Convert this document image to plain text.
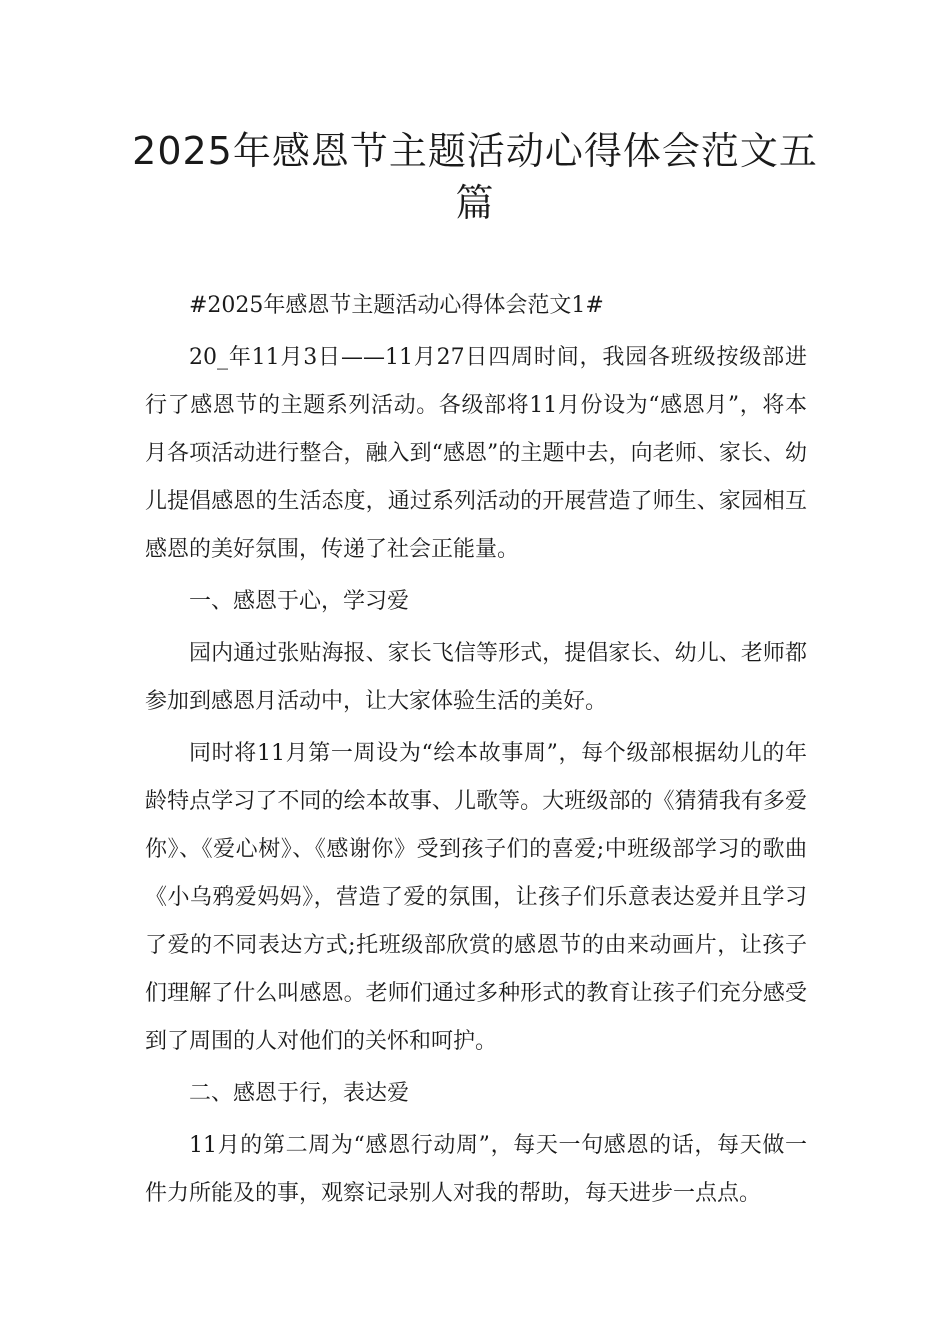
2025年感恩节主题活动心得体会范文五篇

#2025年感恩节主题活动心得体会范文1#

20_年11月3日——11月27日四周时间，我园各班级按级部进行了感恩节的主题系列活动。各级部将11月份设为“感恩月”，将本月各项活动进行整合，融入到“感恩”的主题中去，向老师、家长、幼儿提倡感恩的生活态度，通过系列活动的开展营造了师生、家园相互感恩的美好氛围，传递了社会正能量。

一、感恩于心，学习爱

园内通过张贴海报、家长飞信等形式，提倡家长、幼儿、老师都参加到感恩月活动中，让大家体验生活的美好。

同时将11月第一周设为“绘本故事周”，每个级部根据幼儿的年龄特点学习了不同的绘本故事、儿歌等。大班级部的《猜猜我有多爱你》、《爱心树》、《感谢你》受到孩子们的喜爱;中班级部学习的歌曲《小乌鸦爱妈妈》，营造了爱的氛围，让孩子们乐意表达爱并且学习了爱的不同表达方式;托班级部欣赏的感恩节的由来动画片，让孩子们理解了什么叫感恩。老师们通过多种形式的教育让孩子们充分感受到了周围的人对他们的关怀和呵护。

二、感恩于行，表达爱

11月的第二周为“感恩行动周”，每天一句感恩的话，每天做一件力所能及的事，观察记录别人对我的帮助，每天进步一点点。
